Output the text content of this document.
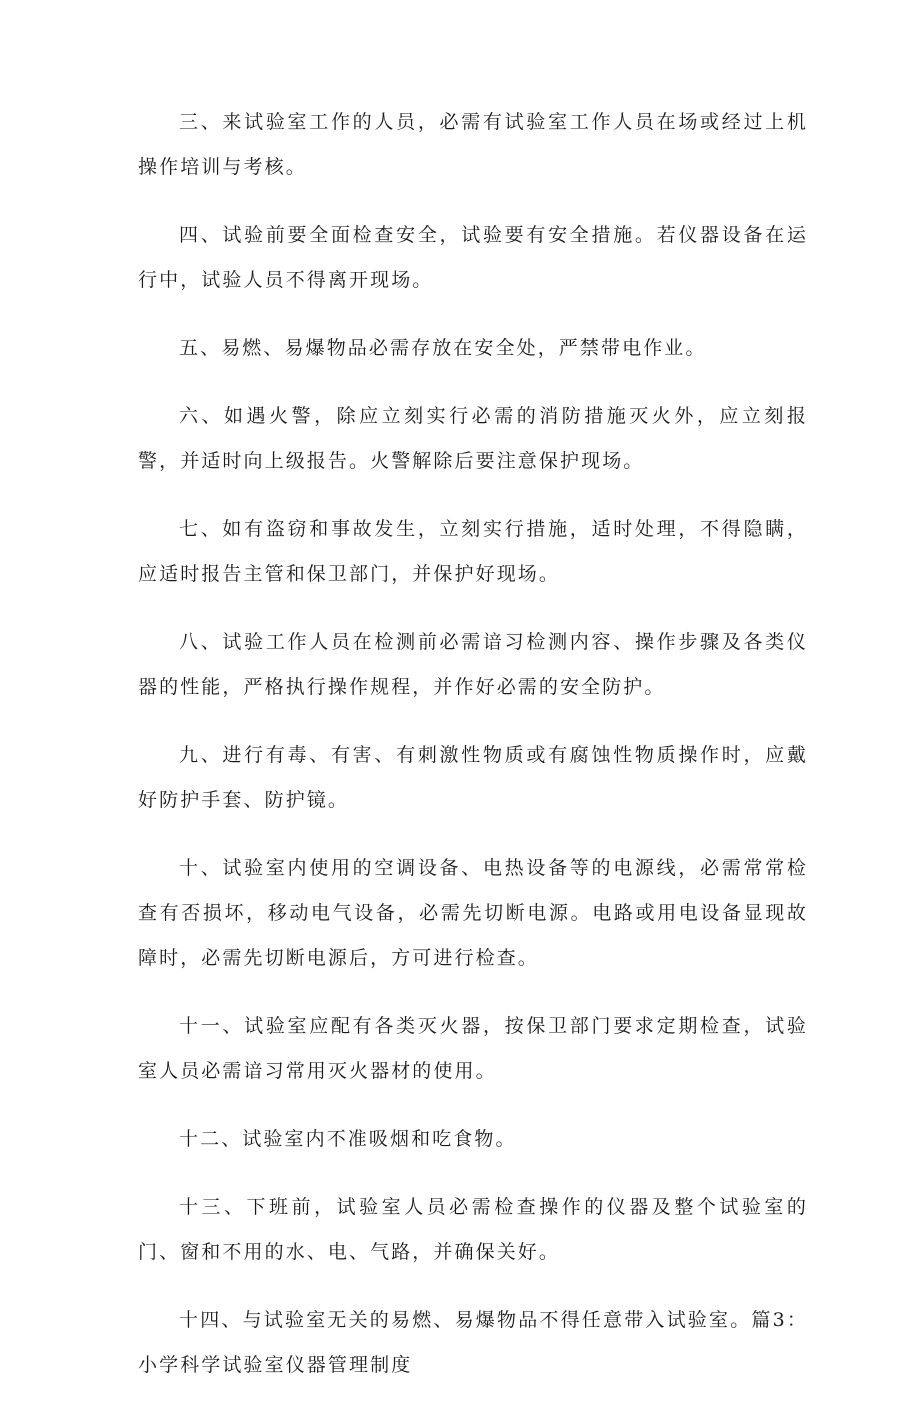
三、来试验室工作的人员，必需有试验室工作人员在场或经过上机操作培训与考核。

四、试验前要全面检查安全，试验要有安全措施。若仪器设备在运行中，试验人员不得离开现场。

五、易燃、易爆物品必需存放在安全处，严禁带电作业。

六、如遇火警，除应立刻实行必需的消防措施灭火外，应立刻报警，并适时向上级报告。火警解除后要注意保护现场。

七、如有盗窃和事故发生，立刻实行措施，适时处理，不得隐瞒，应适时报告主管和保卫部门，并保护好现场。

八、试验工作人员在检测前必需谙习检测内容、操作步骤及各类仪器的性能，严格执行操作规程，并作好必需的安全防护。

九、进行有毒、有害、有刺激性物质或有腐蚀性物质操作时，应戴好防护手套、防护镜。

十、试验室内使用的空调设备、电热设备等的电源线，必需常常检查有否损坏，移动电气设备，必需先切断电源。电路或用电设备显现故障时，必需先切断电源后，方可进行检查。

十一、试验室应配有各类灭火器，按保卫部门要求定期检查，试验室人员必需谙习常用灭火器材的使用。

十二、试验室内不准吸烟和吃食物。

十三、下班前，试验室人员必需检查操作的仪器及整个试验室的门、窗和不用的水、电、气路，并确保关好。

十四、与试验室无关的易燃、易爆物品不得任意带入试验室。篇3：小学科学试验室仪器管理制度
